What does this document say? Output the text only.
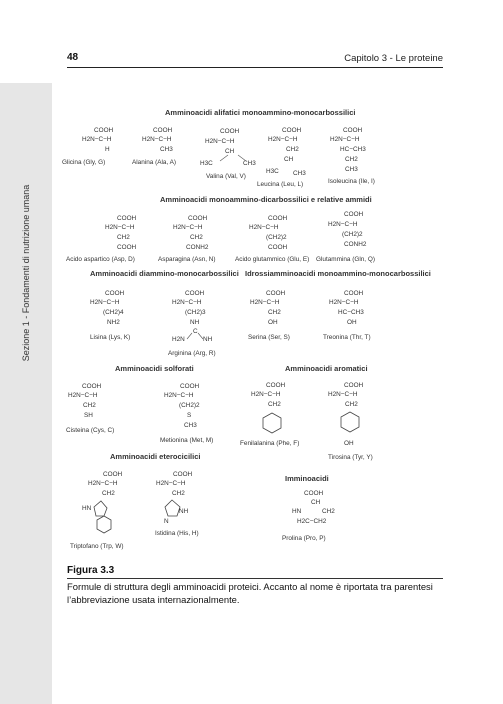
Sezione 1 - Fondamenti di nutrizione umana
48	Capitolo 3 - Le proteine
Amminoacidi alifatici monoammino-monocarbossilici
Amminoacidi monoammino-dicarbossilici e relative ammidi
Amminoacidi diammino-monocarbossilici Idrossiamminoacidi monoammino-monocarbossilici
Amminoacidi solforati	Amminoacidi aromatici
Amminoacidi eterocicilici
Imminoacidi
COOH
H2N−C−H
H
Glicina (Gly, G)
COOH
H2N−C−H
CH3
Alanina (Ala, A)
COOH
H2N−C−H
CH
H3C	CH3
Valina (Val, V)
COOH
H2N−C−H
CH2
CH
H3C CH3
Leucina (Leu, L)
COOH
H2N−C−H
HC−CH3
CH2
CH3
Isoleucina (Ile, I)
COOH
H2N−C−H
CH2
COOH
Acido aspartico (Asp, D)
COOH
H2N−C−H
CH2
CONH2
Asparagina (Asn, N)
COOH
H2N−C−H
(CH2)2
COOH
Acido glutammico (Glu, E)
COOH
H2N−C−H
(CH2)2
CONH2
Glutammina (Gln, Q)
COOH
H2N−C−H
(CH2)4
NH2
Lisina (Lys, K)
COOH
H2N−C−H
(CH2)3
NH
C
H2N	NH
Arginina (Arg, R)
COOH
H2N−C−H
CH2
OH
Serina (Ser, S)
COOH
H2N−C−H
HC−CH3
OH
Treonina (Thr, T)
COOH
H2N−C−H
CH2
SH
Cisteina (Cys, C)
COOH
H2N−C−H
(CH2)2
S
CH3
Metionina (Met, M)
COOH
H2N−C−H
CH2
Fenilalanina (Phe, F)
COOH
H2N−C−H
CH2
OH
Tirosina (Tyr, Y)
COOH
H2N−C−H
CH2
HN
Triptofano (Trp, W)
COOH
H2N−C−H
CH2
NH
N
Istidina (His, H)
COOH
CH
HN	CH2
H2C−CH2
Prolina (Pro, P)
Figura 3.3
Formule di struttura degli amminoacidi proteici. Accanto al nome è riportata tra parentesi l’abbreviazione usata internazionalmente.
